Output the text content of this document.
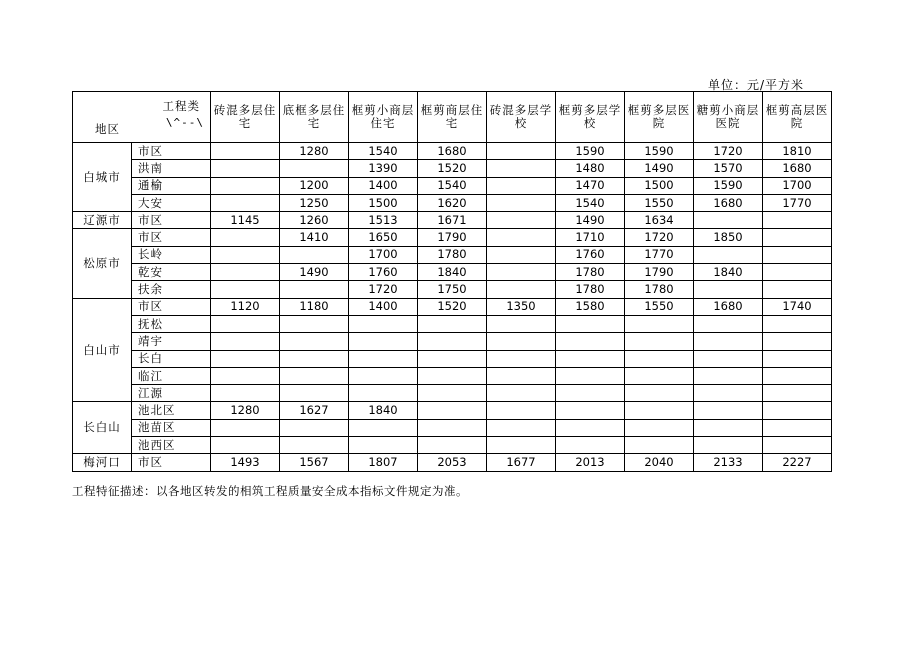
单位：元/平方米
工程类
\^--\
地区		砖混多层住宅	底框多层住宅	框剪小商层住宅	框剪商层住宅	砖混多层学校	框剪多层学校	框剪多层医院	糖剪小商层医院	框剪高层医院
白城市	市区		1280	1540	1680		1590	1590	1720	1810
	洪南			1390	1520		1480	1490	1570	1680
	通榆		1200	1400	1540		1470	1500	1590	1700
	大安		1250	1500	1620		1540	1550	1680	1770
辽源市	市区	1145	1260	1513	1671		1490	1634		
松原市	市区		1410	1650	1790		1710	1720	1850	
	长岭			1700	1780		1760	1770		
	乾安		1490	1760	1840		1780	1790	1840	
	扶余			1720	1750		1780	1780		
白山市	市区	1120	1180	1400	1520	1350	1580	1550	1680	1740
	抚松									
	靖宇									
	长白									
	临江									
	江源									
长白山	池北区	1280	1627	1840						
	池苗区									
	池西区									
梅河口	市区	1493	1567	1807	2053	1677	2013	2040	2133	2227
工程特征描述：以各地区转发的相筑工程质量安全成本指标文件规定为准。
